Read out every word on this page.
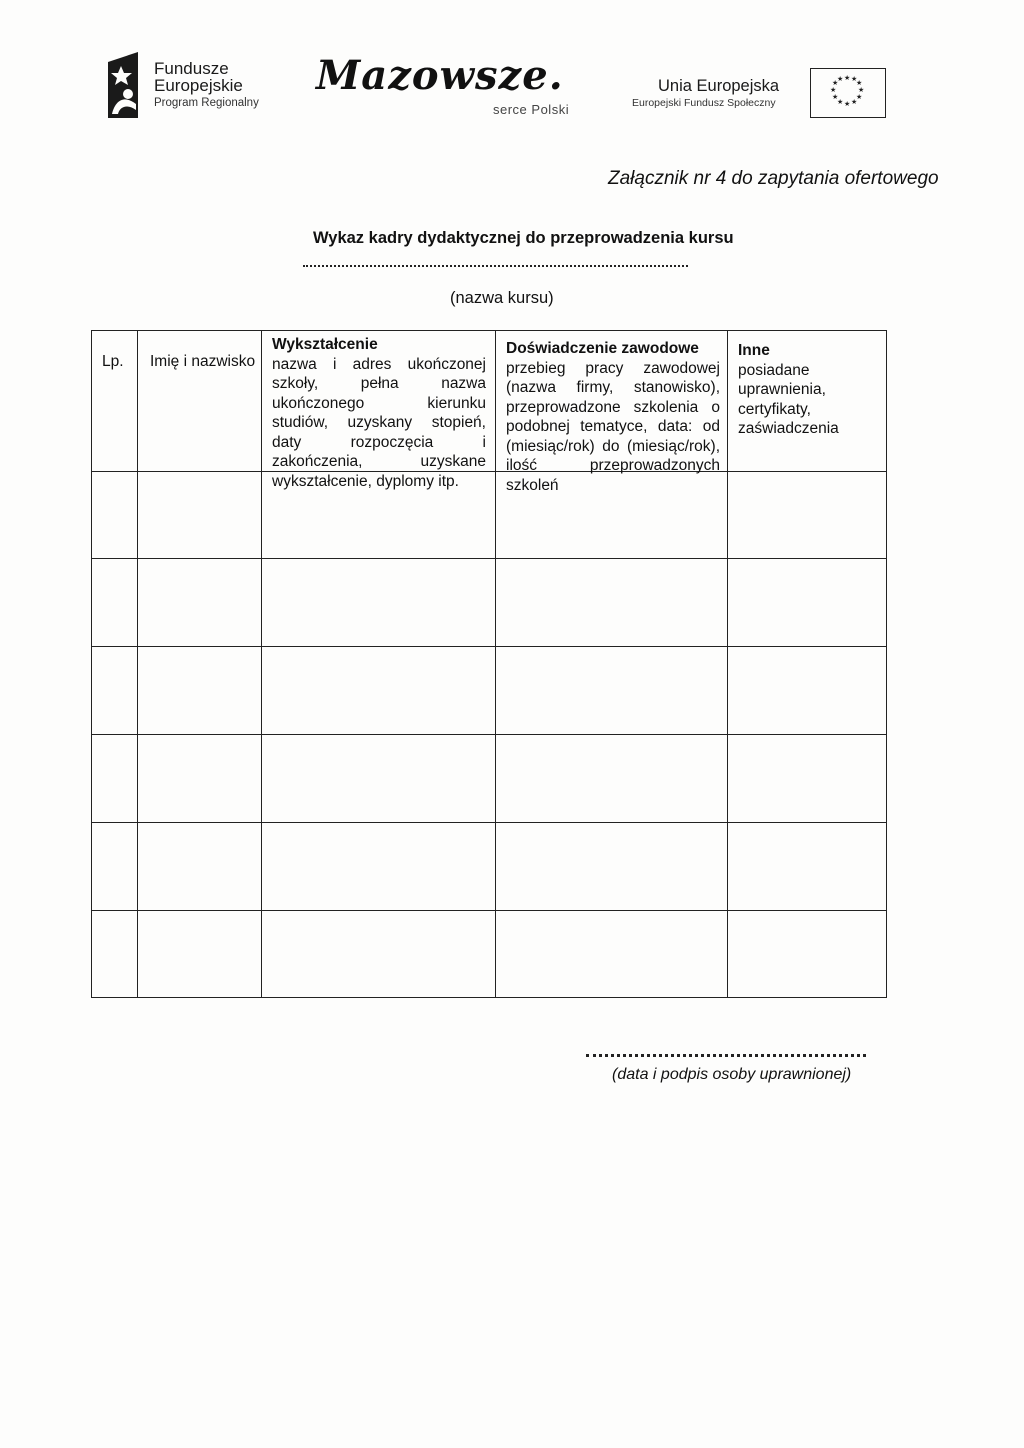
Fundusze
Europejskie
Program Regionalny
Mazowsze.
serce Polski
Unia Europejska
Europejski Fundusz Społeczny
★ ★
★
★
★
★
★
★
★
★
★
★
Załącznik nr 4 do zapytania ofertowego
Wykaz kadry dydaktycznej do przeprowadzenia kursu
(nazwa kursu)
Lp. Imię i nazwisko
Wykształcenie
nazwa i adres ukończonej szkoły, pełna nazwa ukończonego kierunku studiów, uzyskany stopień, daty rozpoczęcia i zakończenia, uzyskane wykształcenie, dyplomy itp.
Doświadczenie zawodowe
przebieg pracy zawodowej (nazwa firmy, stanowisko), przeprowadzone szkolenia o podobnej tematyce, data: od (miesiąc/rok) do (miesiąc/rok), ilość przeprowadzonych szkoleń
Inne
posiadane uprawnienia, certyfikaty, zaświadczenia
(data i podpis osoby uprawnionej)
